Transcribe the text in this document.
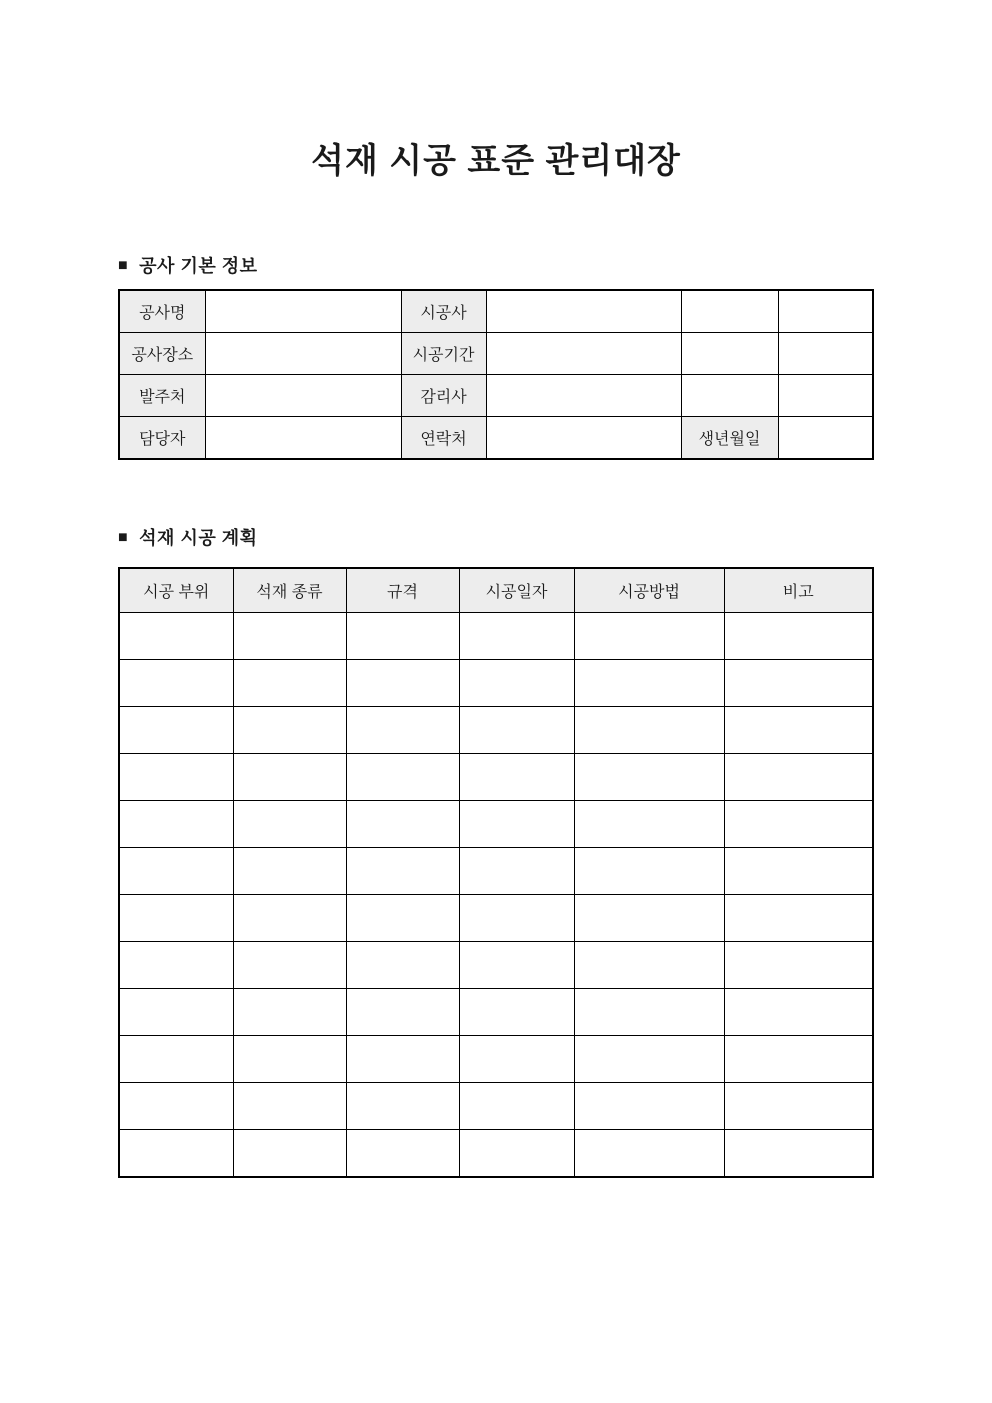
석재 시공 표준 관리대장
■ 공사 기본 정보
공사명		시공사			
공사장소		시공기간			
발주처		감리사			
담당자		연락처		생년월일	
■ 석재 시공 계획
시공 부위	석재 종류	규격	시공일자	시공방법	비고
